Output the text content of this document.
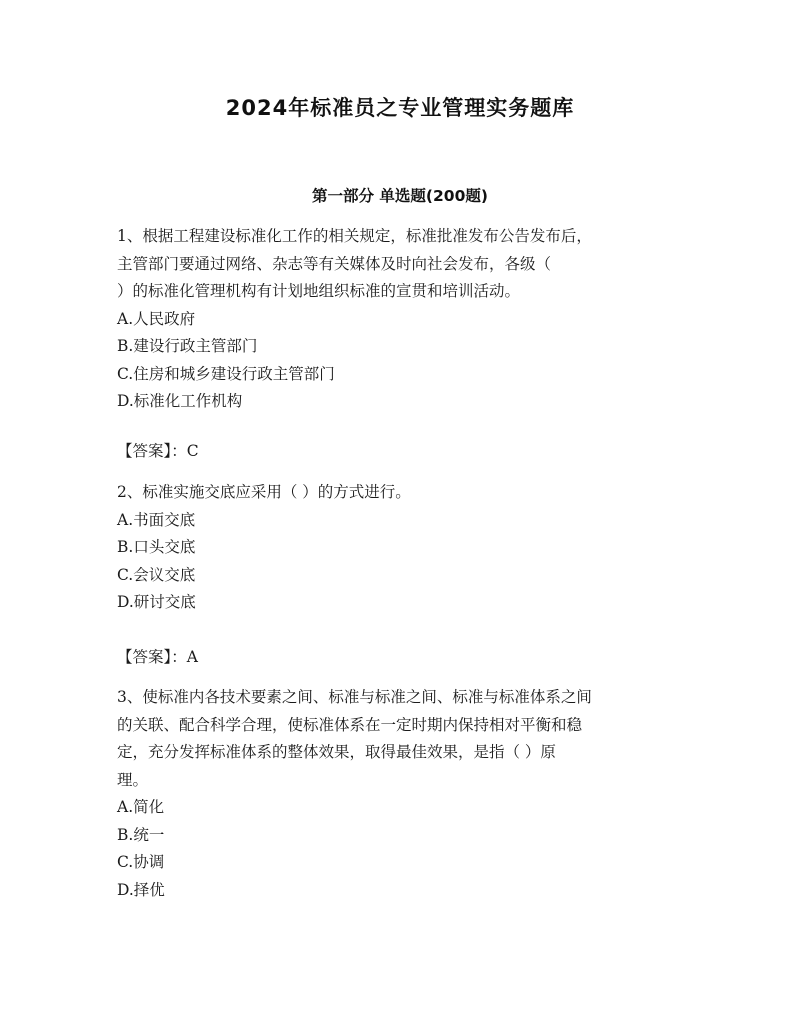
2024年标准员之专业管理实务题库
第一部分 单选题(200题)
1、根据工程建设标准化工作的相关规定，标准批准发布公告发布后，
主管部门要通过网络、杂志等有关媒体及时向社会发布，各级（
）的标准化管理机构有计划地组织标准的宣贯和培训活动。
A.人民政府
B.建设行政主管部门
C.住房和城乡建设行政主管部门
D.标准化工作机构
【答案】：C
2、标准实施交底应采用（ ）的方式进行。
A.书面交底
B.口头交底
C.会议交底
D.研讨交底
【答案】：A
3、使标准内各技术要素之间、标准与标准之间、标准与标准体系之间
的关联、配合科学合理，使标准体系在一定时期内保持相对平衡和稳
定，充分发挥标准体系的整体效果，取得最佳效果，是指（ ）原
理。
A.简化
B.统一
C.协调
D.择优
